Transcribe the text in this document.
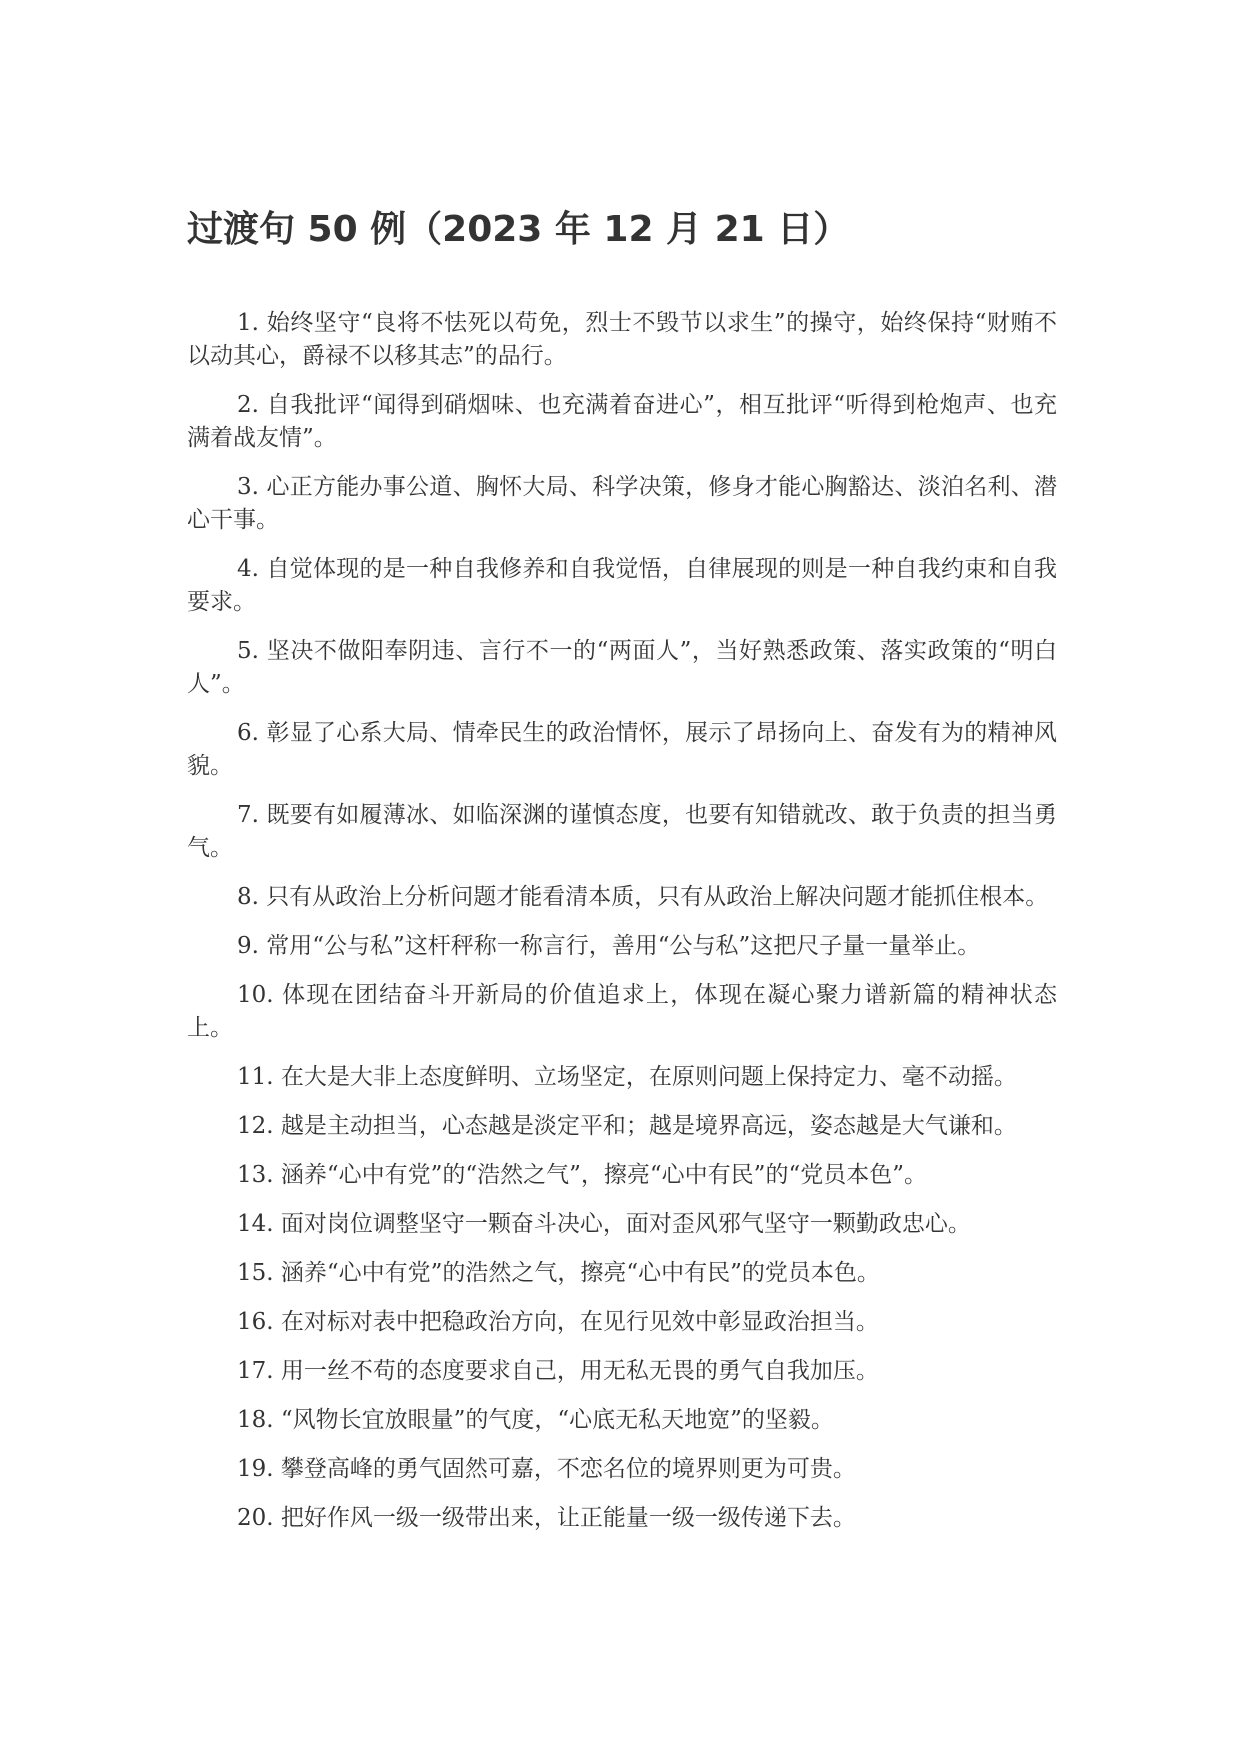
过渡句 50 例（2023 年 12 月 21 日）
1. 始终坚守“良将不怯死以苟免，烈士不毁节以求生”的操守，始终保持“财贿不以动其心，爵禄不以移其志”的品行。
2. 自我批评“闻得到硝烟味、也充满着奋进心”，相互批评“听得到枪炮声、也充满着战友情”。
3. 心正方能办事公道、胸怀大局、科学决策，修身才能心胸豁达、淡泊名利、潜心干事。
4. 自觉体现的是一种自我修养和自我觉悟，自律展现的则是一种自我约束和自我要求。
5. 坚决不做阳奉阴违、言行不一的“两面人”，当好熟悉政策、落实政策的“明白人”。
6. 彰显了心系大局、情牵民生的政治情怀，展示了昂扬向上、奋发有为的精神风貌。
7. 既要有如履薄冰、如临深渊的谨慎态度，也要有知错就改、敢于负责的担当勇气。
8. 只有从政治上分析问题才能看清本质，只有从政治上解决问题才能抓住根本。
9. 常用“公与私”这杆秤称一称言行，善用“公与私”这把尺子量一量举止。
10. 体现在团结奋斗开新局的价值追求上，体现在凝心聚力谱新篇的精神状态上。
11. 在大是大非上态度鲜明、立场坚定，在原则问题上保持定力、毫不动摇。
12. 越是主动担当，心态越是淡定平和；越是境界高远，姿态越是大气谦和。
13. 涵养“心中有党”的“浩然之气”，擦亮“心中有民”的“党员本色”。
14. 面对岗位调整坚守一颗奋斗决心，面对歪风邪气坚守一颗勤政忠心。
15. 涵养“心中有党”的浩然之气，擦亮“心中有民”的党员本色。
16. 在对标对表中把稳政治方向，在见行见效中彰显政治担当。
17. 用一丝不苟的态度要求自己，用无私无畏的勇气自我加压。
18. “风物长宜放眼量”的气度，“心底无私天地宽”的坚毅。
19. 攀登高峰的勇气固然可嘉，不恋名位的境界则更为可贵。
20. 把好作风一级一级带出来，让正能量一级一级传递下去。
